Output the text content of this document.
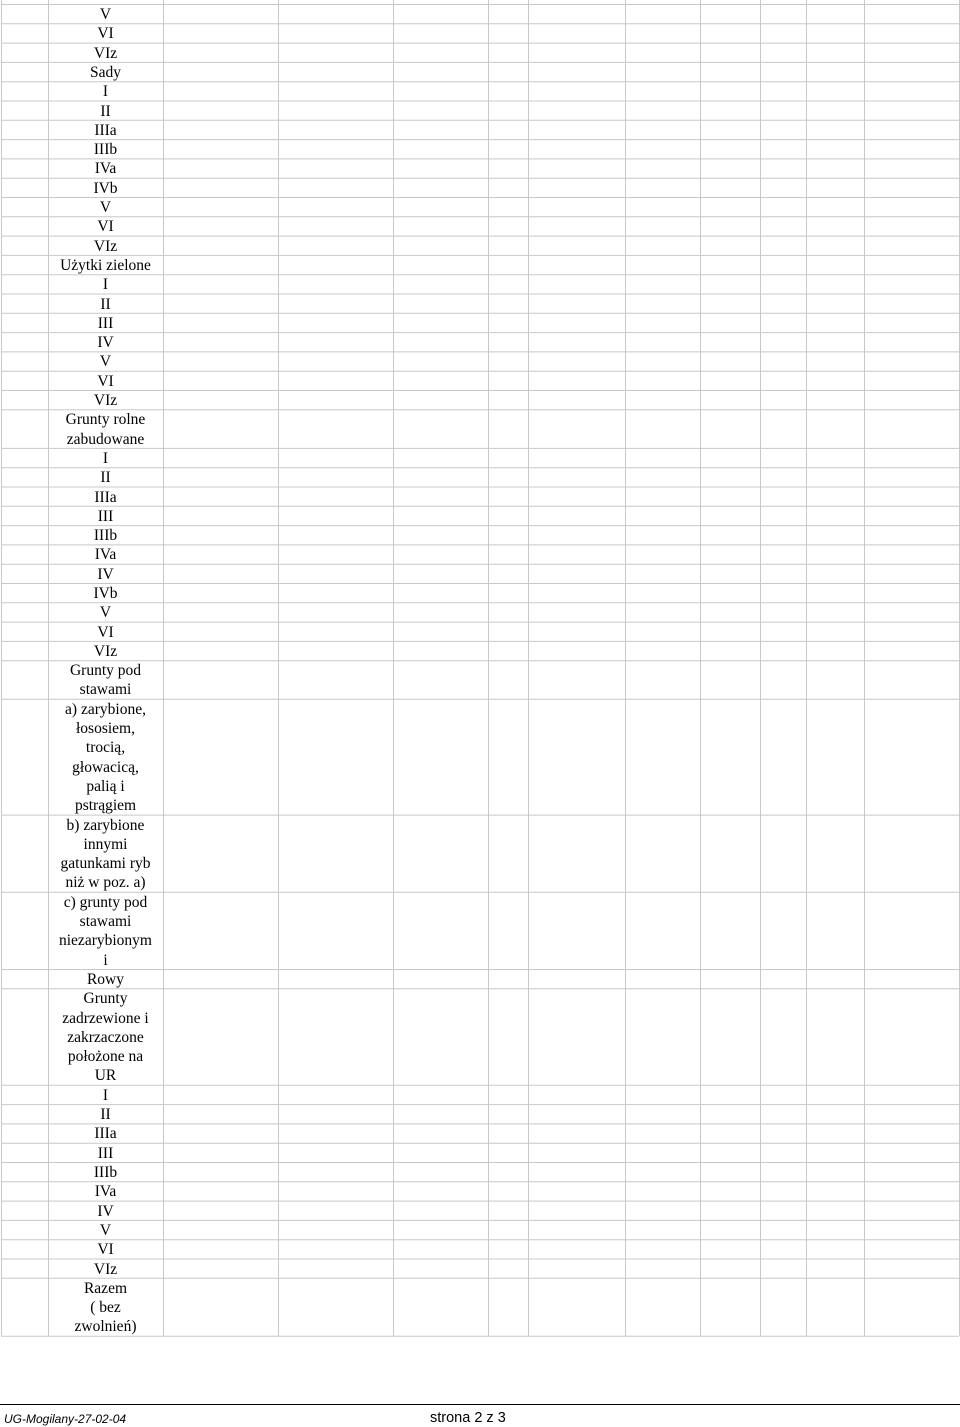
V
VI
VIz
Sady
I
II
IIIa
IIIb
IVa
IVb
V
VI
VIz
Użytki zielone
I
II
III
IV
V
VI
VIz
Grunty rolne
zabudowane
I
II
IIIa
III
IIIb
IVa
IV
IVb
V
VI
VIz
Grunty pod
stawami
a) zarybione,
łososiem,
trocią,
głowacicą,
palią i
pstrągiem
b) zarybione
innymi
gatunkami ryb
niż w poz. a)
c) grunty pod
stawami
niezarybionym
i
Rowy
Grunty
zadrzewione i
zakrzaczone
położone na
UR
I
II
IIIa
III
IIIb
IVa
IV
V
VI
VIz
Razem
( bez
zwolnień)
UG-Mogilany-27-02-04	strona 2 z 3
